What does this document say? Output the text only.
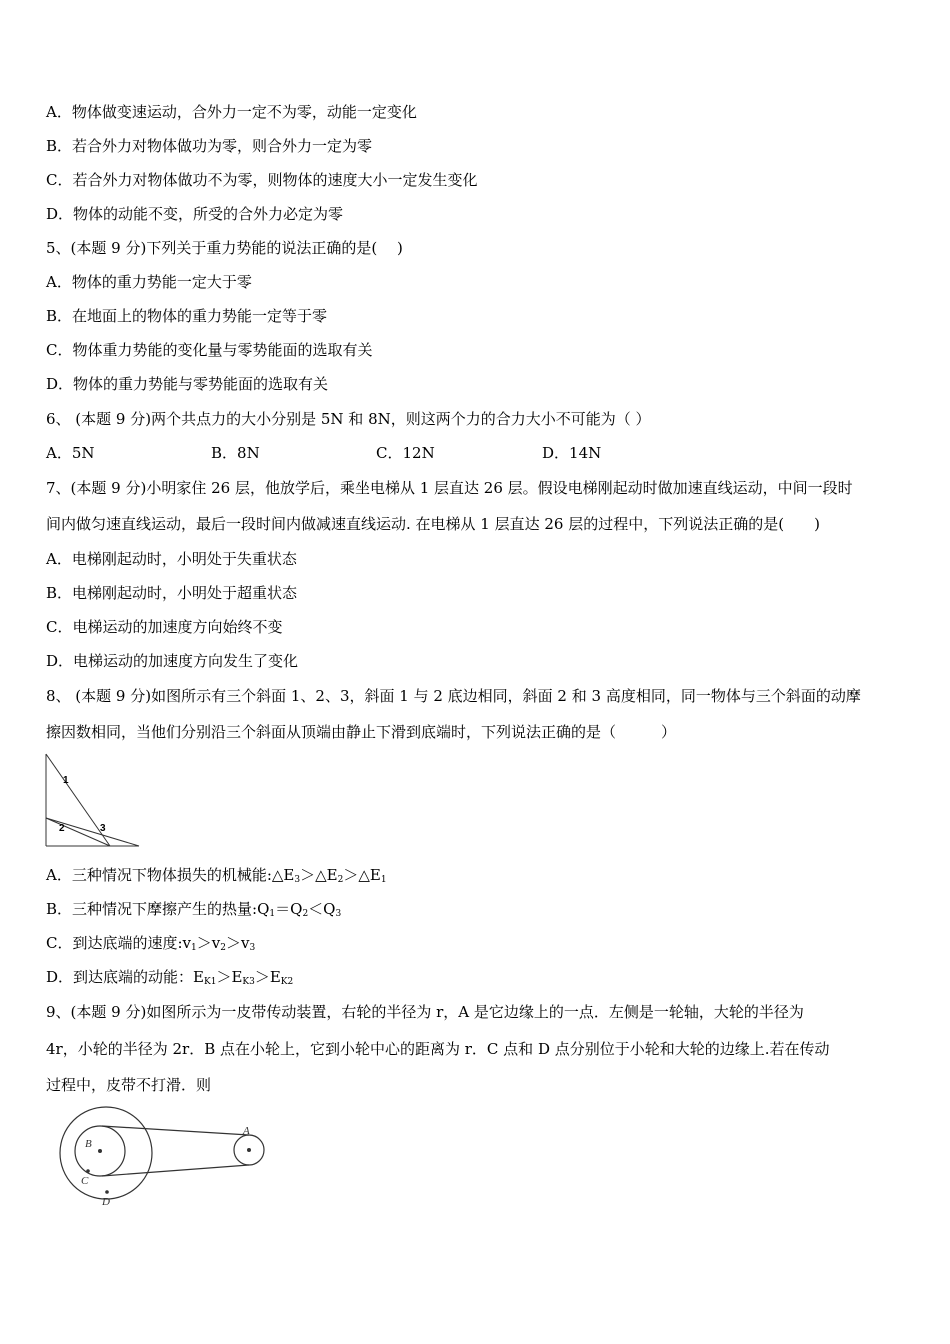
A．物体做变速运动，合外力一定不为零，动能一定变化
B．若合外力对物体做功为零，则合外力一定为零
C．若合外力对物体做功不为零，则物体的速度大小一定发生变化
D．物体的动能不变，所受的合外力必定为零
5、(本题 9 分)下列关于重力势能的说法正确的是(　 )
A．物体的重力势能一定大于零
B．在地面上的物体的重力势能一定等于零
C．物体重力势能的变化量与零势能面的选取有关
D．物体的重力势能与零势能面的选取有关
6、 (本题 9 分)两个共点力的大小分别是 5N 和 8N，则这两个力的合力大小不可能为（ ）
A．5N	B．8N	C．12N	D．14N
7、(本题 9 分)小明家住 26 层，他放学后，乘坐电梯从 1 层直达 26 层。假设电梯刚起动时做加速直线运动，中间一段时
间内做匀速直线运动，最后一段时间内做减速直线运动. 在电梯从 1 层直达 26 层的过程中，下列说法正确的是(　　)
A．电梯刚起动时，小明处于失重状态
B．电梯刚起动时，小明处于超重状态
C．电梯运动的加速度方向始终不变
D．电梯运动的加速度方向发生了变化
8、 (本题 9 分)如图所示有三个斜面 1、2、3，斜面 1 与 2 底边相同，斜面 2 和 3 高度相同，同一物体与三个斜面的动摩
擦因数相同，当他们分别沿三个斜面从顶端由静止下滑到底端时，下列说法正确的是（　　　）
1
2	3
A．三种情况下物体损失的机械能$:\triangle E_3>\triangle E_2>\triangle E_1$
B．三种情况下摩擦产生的热量$:Q_1=Q_2<Q_3$
C．到达底端的速度$:v_1>v_2>v_3$
D．到达底端的动能：$E_{K1}>E_{K3}>E_{K2}$
9、(本题 9 分)如图所示为一皮带传动装置，右轮的半径为 r，A 是它边缘上的一点．左侧是一轮轴，大轮的半径为
4r，小轮的半径为 2r．B 点在小轮上，它到小轮中心的距离为 r．C 点和 D 点分别位于小轮和大轮的边缘上.若在传动
过程中，皮带不打滑．则
A
B
C
D
